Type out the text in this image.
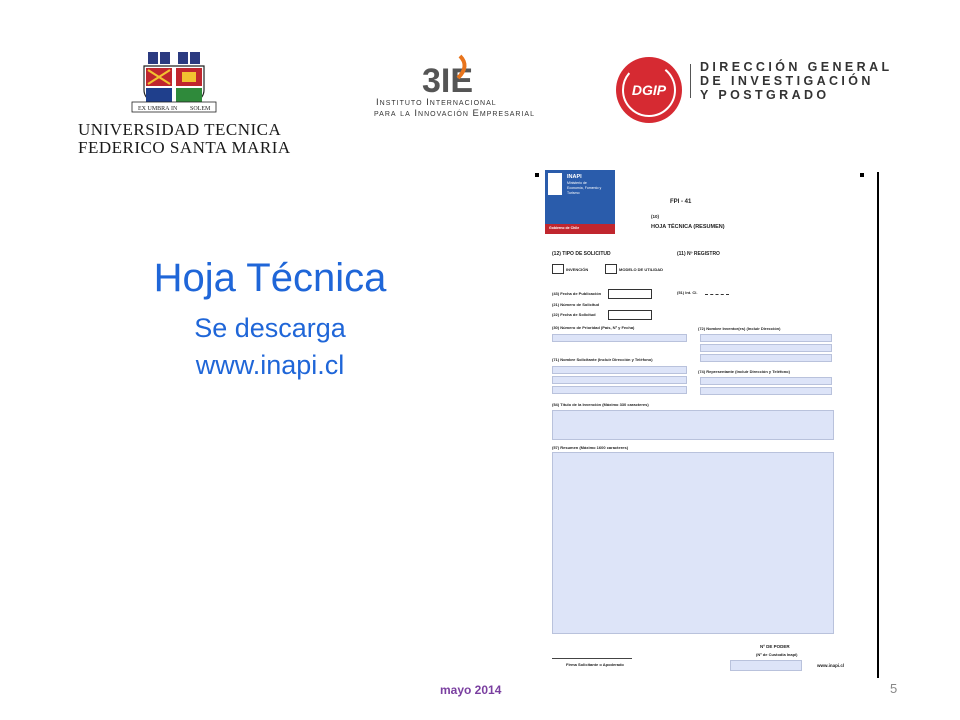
EX UMBRA IN SOLEM
UNIVERSIDAD TECNICA
FEDERICO SANTA MARIA
3IE
Instituto Internacional
para la Innovación Empresarial
DGIP
DIRECCIÓN GENERAL
DE INVESTIGACIÓN
Y POSTGRADO
Hoja Técnica
Se descarga
www.inapi.cl
INAPI
Ministerio de
Economía, Fomento y
Turismo
Gobierno de Chile
FPI - 41
(10)
HOJA TÉCNICA (RESUMEN)
(12) TIPO DE SOLICITUD	(11) Nº REGISTRO
INVENCIÓN	MODELO DE UTILIDAD
(43) Fecha de Publicación	(51) Int. Cl.
(21) Número de Solicitud
(22) Fecha de Solicitud
(30) Número de Prioridad (País, Nº y Fecha)	(72) Nombre Inventor(es) (Incluir Dirección)
(71) Nombre Solicitante (Incluir Dirección y Teléfono)
(74) Representante (Incluir Dirección y Teléfono)
(54) Título de la Invención (Máximo 330 caracteres)
(57) Resumen (Máximo 1600 caracteres)
Nº DE PODER
(Nº de Custodia Inapi)
Firma Solicitante o Apoderado	www.inapi.cl
mayo 2014	5
